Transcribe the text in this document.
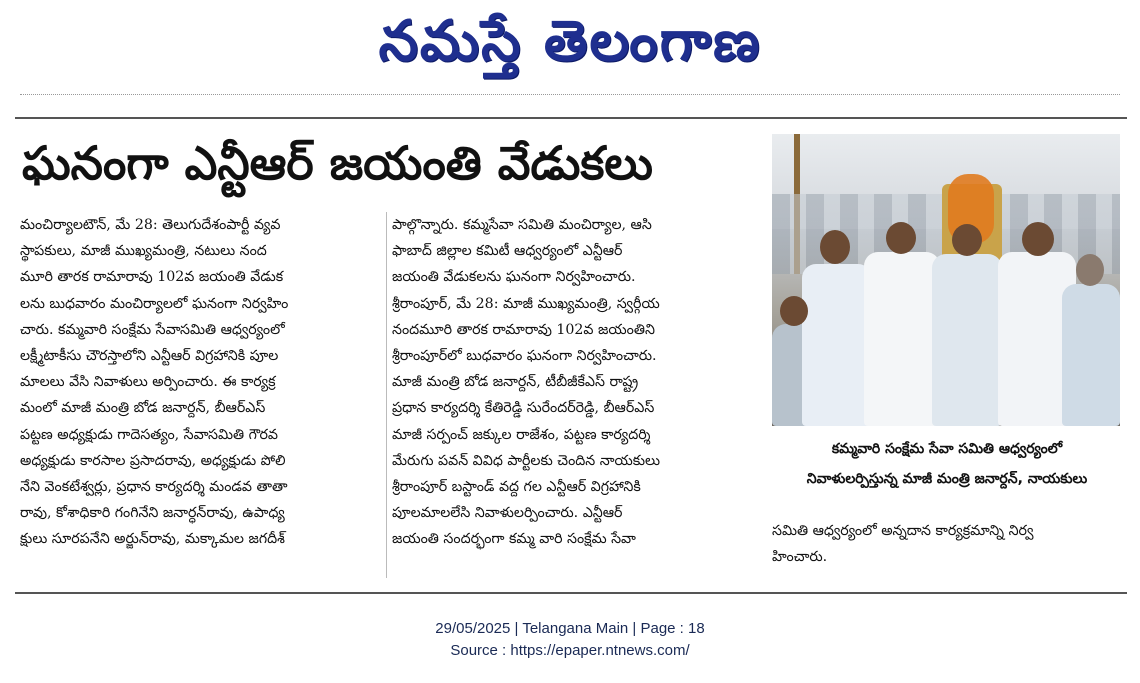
నమస్తే తెలంగాణ
ఘనంగా ఎన్టీఆర్ జయంతి వేడుకలు

మంచిర్యాలటౌన్, మే 28: తెలుగుదేశంపార్టీ వ్యవ

స్థాపకులు, మాజీ ముఖ్యమంత్రి, నటులు నంద

మూరి తారక రామారావు 102వ జయంతి వేడుక

లను బుధవారం మంచిర్యాలలో ఘనంగా నిర్వహిం

చారు. కమ్మవారి సంక్షేమ సేవాసమితి ఆధ్వర్యంలో

లక్ష్మీటాకీసు చౌరస్తాలోని ఎన్టీఆర్ విగ్రహానికి పూల

మాలలు వేసి నివాళులు అర్పించారు. ఈ కార్యక్ర

మంలో మాజీ మంత్రి బోడ జనార్దన్, బీఆర్ఎస్

పట్టణ అధ్యక్షుడు గాదెసత్యం, సేవాసమితి గౌరవ

అధ్యక్షుడు కారసాల ప్రసాదరావు, అధ్యక్షుడు పోలి

నేని వెంకటేశ్వర్లు, ప్రధాన కార్యదర్శి మండవ తాతా

రావు, కోశాధికారి గంగినేని జనార్ధన్‌రావు, ఉపాధ్య

క్షులు సూరపనేని అర్జున్‌రావు, మక్కామల జగదీశ్

పాల్గొన్నారు. కమ్మసేవా సమితి మంచిర్యాల, ఆసి

ఫాబాద్ జిల్లాల కమిటీ ఆధ్వర్యంలో ఎన్టీఆర్

జయంతి వేడుకలను ఘనంగా నిర్వహించారు.

శ్రీరాంపూర్, మే 28: మాజీ ముఖ్యమంత్రి, స్వర్గీయ

నందమూరి తారక రామారావు 102వ జయంతిని

శ్రీరాంపూర్‌లో బుధవారం ఘనంగా నిర్వహించారు.

మాజీ మంత్రి బోడ జనార్దన్, టీబీజీకేఎస్ రాష్ట్ర

ప్రధాన కార్యదర్శి కేతిరెడ్డి సురేందర్‌రెడ్డి, బీఆర్ఎస్

మాజీ సర్పంచ్ జక్కుల రాజేశం, పట్టణ కార్యదర్శి

మేరుగు పవన్ వివిధ పార్టీలకు చెందిన నాయకులు

శ్రీరాంపూర్ బస్టాండ్ వద్ద గల ఎన్టీఆర్ విగ్రహానికి

పూలమాలలేసి నివాళులర్పించారు. ఎన్టీఆర్

జయంతి సందర్భంగా కమ్మ వారి సంక్షేమ సేవా

కమ్మవారి సంక్షేమ సేవా సమితి ఆధ్వర్యంలో

నివాళులర్పిస్తున్న మాజీ మంత్రి జనార్దన్, నాయకులు

సమితి ఆధ్వర్యంలో అన్నదాన కార్యక్రమాన్ని నిర్వ

హించారు.

29/05/2025 | Telangana Main | Page : 18

Source : https://epaper.ntnews.com/
